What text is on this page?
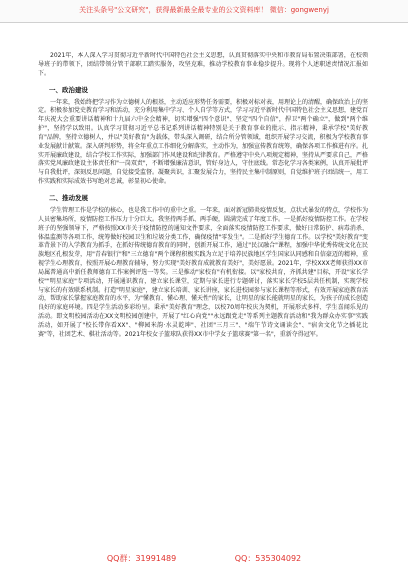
关注头条号"公文研究"，获得最新最全最专业的公文资料库！ 微信：gongwenyj

2021年，本人深入学习贯彻习近平新时代中国特色社会主义思想，认真贯彻落实中央和市教育局布置决策部署，在校领导班子的带领下，团结带领分管干部职工踏实服务，攻坚克难，推动学校教育事业稳步提升。现将个人述职述责情况汇报如下。

一、政治建设

一年来，我始终把学习作为立德树人的根基，主动适应形势任务需要，积极对标对表，用理论上的清醒，确保政治上的坚定。积极参加党史教育学习和活动，充分利用集中学习、个人自学等方式，学习习近平新时代中国特色社会主义思想，建党百年庆祝大会重要讲话精神和十九届六中全会精神，切实增强"四个意识"、坚定"四个自信"，捍卫"两个确立"，做到"两个维护"，坚持学以致用。认真学习贯彻习近平总书记系列讲话精神特别是关于教育事业的批示、指示精神，秉承学校"美好教育"品牌，坚持立德树人，并以"美好教育"为载体，带头深入调研，结合所分管领域，组织开展学习交流，积极为学校教育事业发展献计献策。深入研判形势，将全年重点工作细化分解落实，主动作为，加强宣传教育统筹，确保各项工作推进有序。扎实开展廉政建设，结合学校工作实际，加强部门作风建设和纪律教育。严格遵守中央八项规定精神，坚持从严要求自己，严格落实党风廉政建设主体责任和"一岗双责"，不断增强廉洁意识，管好身边人，守住底线。常态化学习各类案例，认真开展批评与自我批评，深刻反思问题，自觉接受监督。凝聚共识，汇聚发展合力，坚持民主集中制原则，自觉维护班子团结统一，用工作实践和实际成效书写绝对忠诚，彰显初心使命。

二、推动发展

学生管理工作是学校的核心，也是我工作中的重中之重。一年来，面对新冠肺炎疫情反复，点状式暴发的特点，学校作为人员密集场所，疫情防控工作压力十分巨大。我坚持两手抓、两手硬，圆满完成了年度工作。一是抓好疫情防控工作。在学校班子的坚强领导下，严格按照XX市关于疫情防控的通知文件要求，全面落实疫情防控工作要求，做好日常防护、病毒消杀、体温监测等各项工作，统筹做好校园卫生和垃圾分类工作，确保疫情"零发生"。二是抓好学生德育工作。以学校"美好教育"变革背景下的入学教育为抓手，在抓好传统德育教育的同时，创新开展工作，通过"民汉融合"课程，加强中华优秀传统文化在民族地区孔根发芽，用"青春银行"和"三立德育"两个课程积极实践为立足于培养民族地区学生国家认同感和自信豪迈的精神，重视学生心理教育，按照开展心理教育辅导，努力实现"美好教育成就教育美好"，美好愿景。2021年，学校XXX老师获得XX市局属普通高中新任教师德育工作案例评选一等奖。三是推动"家校育"有机衔接。以"家校共育，齐抓共建"目标，开设"家长学校""明星家庭"专项活动，开展通识教育，建立家长课堂，定期与家长进行专题研讨，落实家长学校5层共任机制，实现学校与家长的有效联系机制。打造"明星家庭"，建立家长培训、家长讲座，家长进校园参与家长课程等形式，有效开展家庭教育活动，帮助家长掌握家庭教育的水平，为"懂教育、懂心理、懂天性"的家长，让明星的家长能就明星的家长，为孩子的成长创造良好的家庭环境。四是学生活动多彩纷呈。秉承"美好教育"理念，以校70周年校庆为契机，开展形式多样、学生喜闻乐见的活动。即文明校园活动在XX文明校园创建中，开展了"红心向党""永远跟党走"等系列主题教育活动和"我为群众办实事"实践活动，如开展了"校长带你看XX"、"柳园米韵·水灵乾坤"、社团"三月三"、"端午节诗文诵读会"、"宿舍文化节之插花比赛"等，社团艺术、棋社活动等。2021年校女子篮球队获得XX市中学女子篮球赛"第一名"，重新夺得冠军。

QQ群：31991489	QQ：535304092
